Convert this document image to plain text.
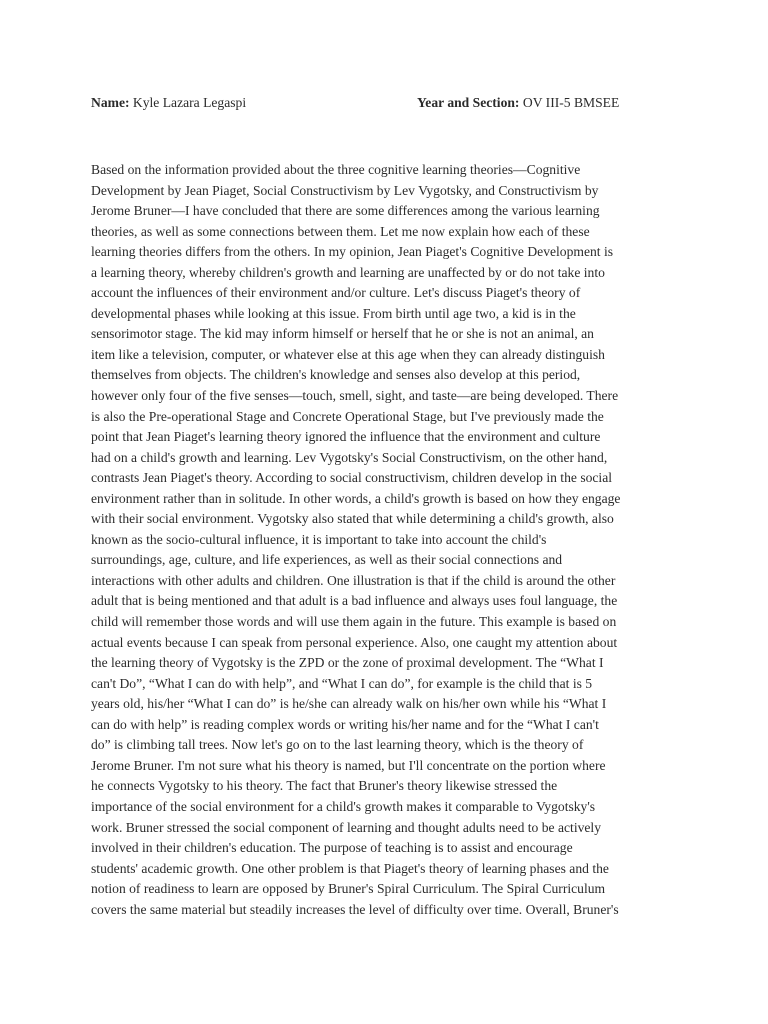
Name: Kyle Lazara Legaspi	Year and Section: OV III-5 BMSEE
Based on the information provided about the three cognitive learning theories—Cognitive
Development by Jean Piaget, Social Constructivism by Lev Vygotsky, and Constructivism by
Jerome Bruner—I have concluded that there are some differences among the various learning
theories, as well as some connections between them. Let me now explain how each of these
learning theories differs from the others. In my opinion, Jean Piaget's Cognitive Development is
a learning theory, whereby children's growth and learning are unaffected by or do not take into
account the influences of their environment and/or culture. Let's discuss Piaget's theory of
developmental phases while looking at this issue. From birth until age two, a kid is in the
sensorimotor stage. The kid may inform himself or herself that he or she is not an animal, an
item like a television, computer, or whatever else at this age when they can already distinguish
themselves from objects. The children's knowledge and senses also develop at this period,
however only four of the five senses—touch, smell, sight, and taste—are being developed. There
is also the Pre-operational Stage and Concrete Operational Stage, but I've previously made the
point that Jean Piaget's learning theory ignored the influence that the environment and culture
had on a child's growth and learning. Lev Vygotsky's Social Constructivism, on the other hand,
contrasts Jean Piaget's theory. According to social constructivism, children develop in the social
environment rather than in solitude. In other words, a child's growth is based on how they engage
with their social environment. Vygotsky also stated that while determining a child's growth, also
known as the socio-cultural influence, it is important to take into account the child's
surroundings, age, culture, and life experiences, as well as their social connections and
interactions with other adults and children. One illustration is that if the child is around the other
adult that is being mentioned and that adult is a bad influence and always uses foul language, the
child will remember those words and will use them again in the future. This example is based on
actual events because I can speak from personal experience. Also, one caught my attention about
the learning theory of Vygotsky is the ZPD or the zone of proximal development. The “What I
can't Do”, “What I can do with help”, and “What I can do”, for example is the child that is 5
years old, his/her “What I can do” is he/she can already walk on his/her own while his “What I
can do with help” is reading complex words or writing his/her name and for the “What I can't
do” is climbing tall trees. Now let's go on to the last learning theory, which is the theory of
Jerome Bruner. I'm not sure what his theory is named, but I'll concentrate on the portion where
he connects Vygotsky to his theory. The fact that Bruner's theory likewise stressed the
importance of the social environment for a child's growth makes it comparable to Vygotsky's
work. Bruner stressed the social component of learning and thought adults need to be actively
involved in their children's education. The purpose of teaching is to assist and encourage
students' academic growth. One other problem is that Piaget's theory of learning phases and the
notion of readiness to learn are opposed by Bruner's Spiral Curriculum. The Spiral Curriculum
covers the same material but steadily increases the level of difficulty over time. Overall, Bruner's
